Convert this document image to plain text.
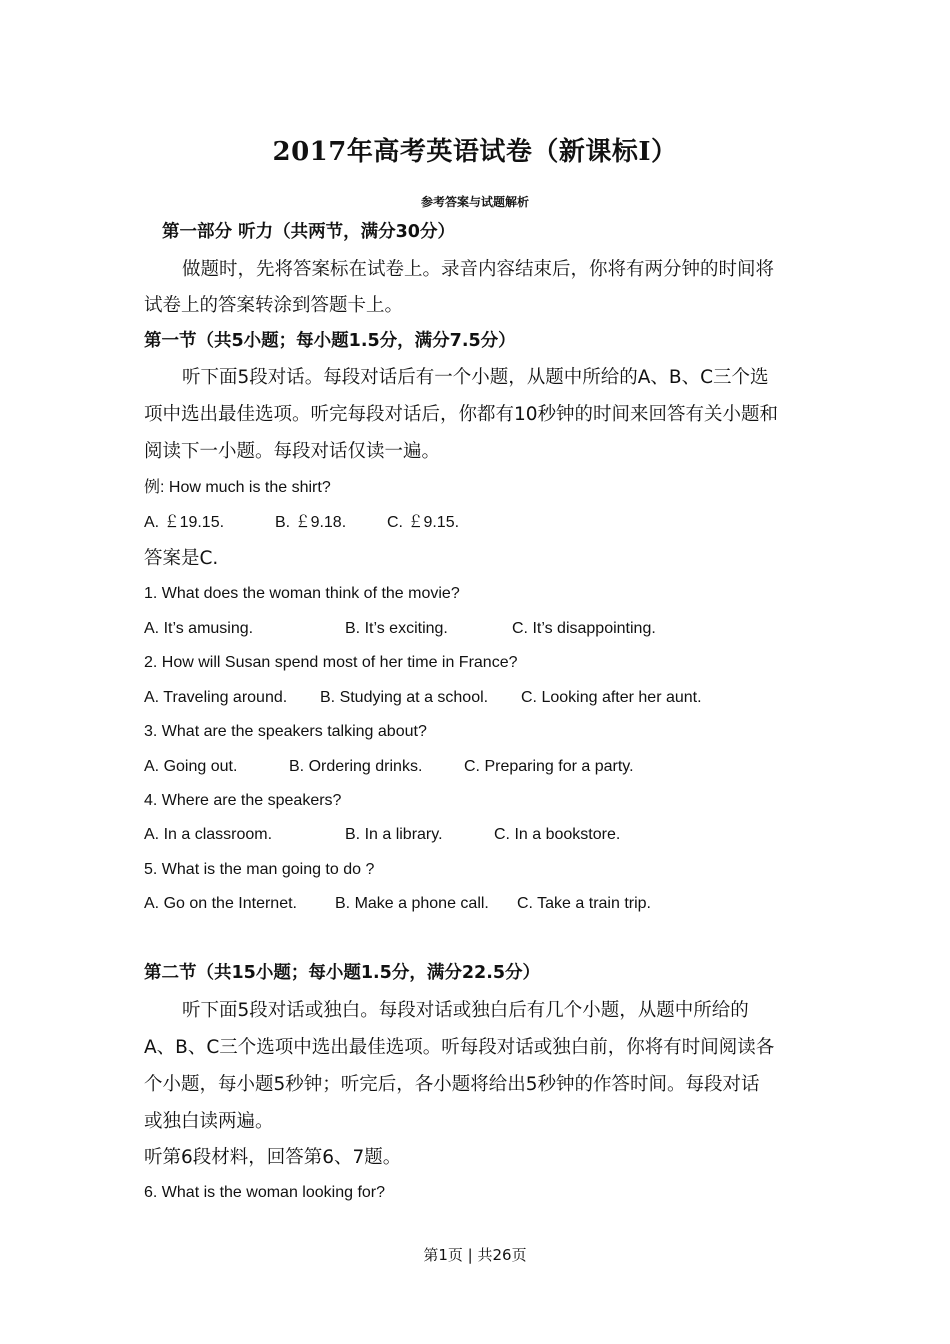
2017年高考英语试卷（新课标Ⅰ）

参考答案与试题解析

第一部分 听力（共两节，满分30分）

做题时，先将答案标在试卷上。录音内容结束后，你将有两分钟的时间将

试卷上的答案转涂到答题卡上。

第一节（共5小题；每小题1.5分，满分7.5分）

听下面5段对话。每段对话后有一个小题，从题中所给的A、B、C三个选

项中选出最佳选项。听完每段对话后，你都有10秒钟的时间来回答有关小题和

阅读下一小题。每段对话仅读一遍。

例: How much is the shirt?

A. ￡19.15.	B. ￡9.18.	C. ￡9.15.

答案是C.

1. What does the woman think of the movie?

A. It’s amusing.	B. It’s exciting.	C. It’s disappointing.

2. How will Susan spend most of her time in France?

A. Traveling around. B. Studying at a school. C. Looking after her aunt.

3. What are the speakers talking about?

A. Going out.	B. Ordering drinks.	C. Preparing for a party.

4. Where are the speakers?

A. In a classroom.	B. In a library.	C. In a bookstore.

5. What is the man going to do ?

A. Go on the Internet. B. Make a phone call. C. Take a train trip.

第二节（共15小题；每小题1.5分，满分22.5分）

听下面5段对话或独白。每段对话或独白后有几个小题，从题中所给的

A、B、C三个选项中选出最佳选项。听每段对话或独白前，你将有时间阅读各

个小题，每小题5秒钟；听完后，各小题将给出5秒钟的作答时间。每段对话

或独白读两遍。

听第6段材料，回答第6、7题。

6. What is the woman looking for?

第1页 | 共26页
